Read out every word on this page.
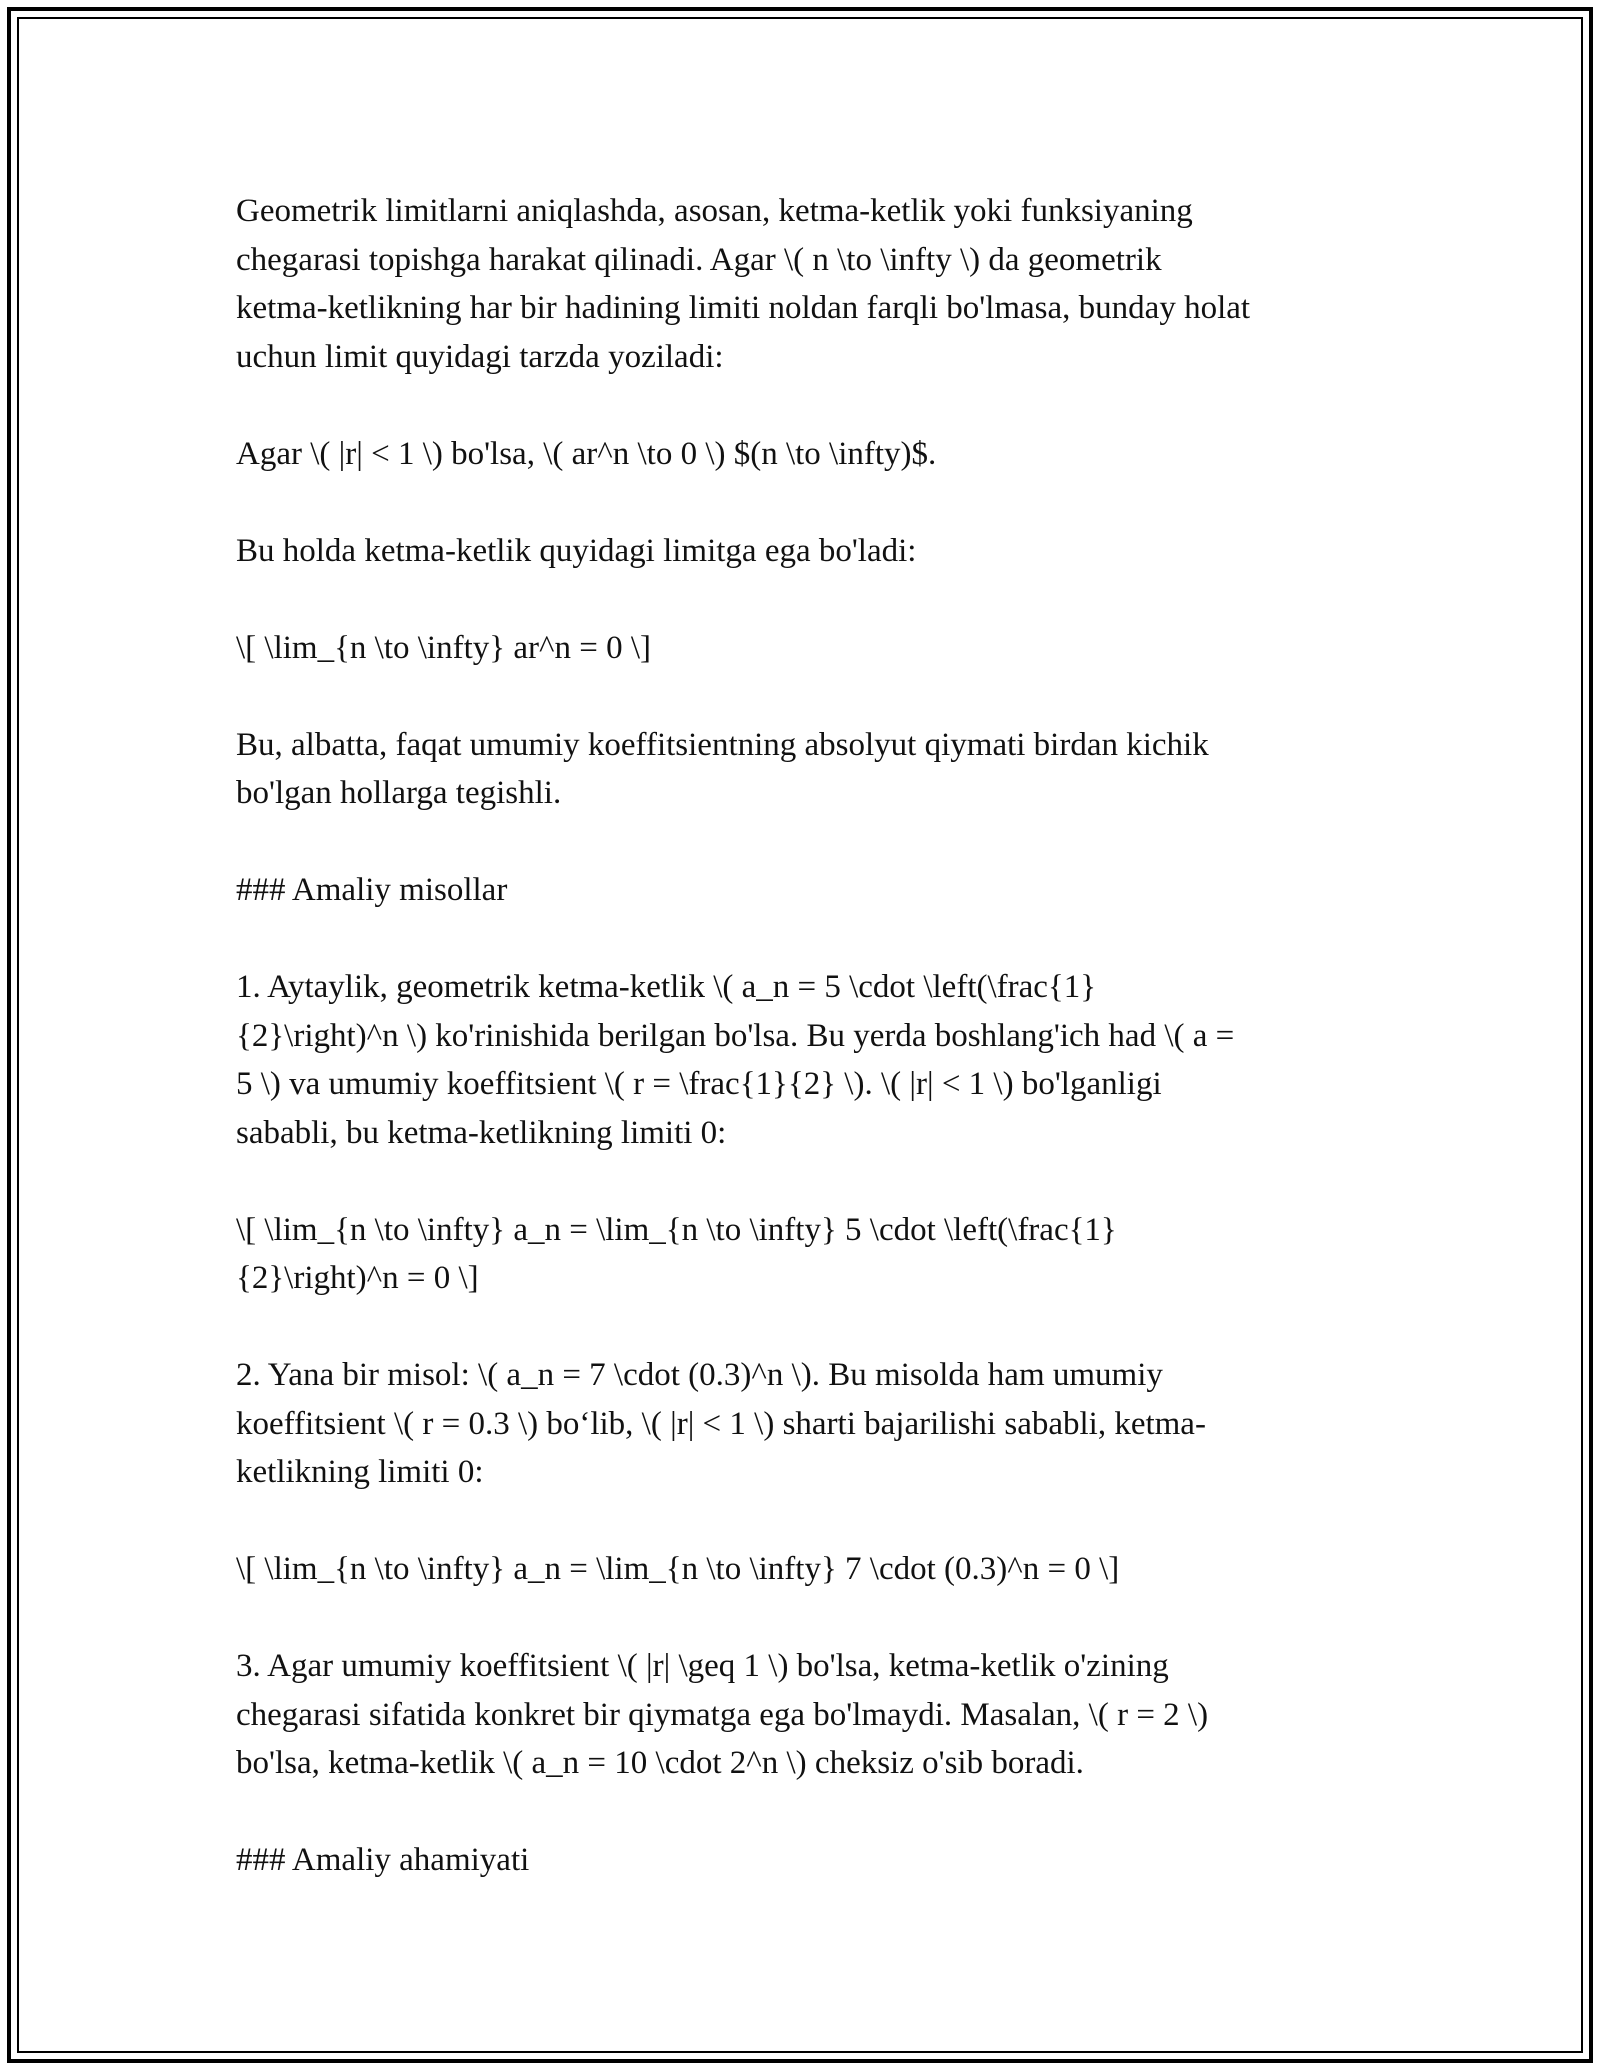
Geometrik limitlarni aniqlashda, asosan, ketma-ketlik yoki funksiyaning
chegarasi topishga harakat qilinadi. Agar \( n \to \infty \) da geometrik
ketma-ketlikning har bir hadining limiti noldan farqli bo'lmasa, bunday holat
uchun limit quyidagi tarzda yoziladi:

Agar \( |r| < 1 \) bo'lsa, \( ar^n \to 0 \) $(n \to \infty)$.

Bu holda ketma-ketlik quyidagi limitga ega bo'ladi:

\[ \lim_{n \to \infty} ar^n = 0 \]

Bu, albatta, faqat umumiy koeffitsientning absolyut qiymati birdan kichik
bo'lgan hollarga tegishli.

### Amaliy misollar

1. Aytaylik, geometrik ketma-ketlik \( a_n = 5 \cdot \left(\frac{1}
{2}\right)^n \) ko'rinishida berilgan bo'lsa. Bu yerda boshlang'ich had \( a =
5 \) va umumiy koeffitsient \( r = \frac{1}{2} \). \( |r| < 1 \) bo'lganligi
sababli, bu ketma-ketlikning limiti 0:

\[ \lim_{n \to \infty} a_n = \lim_{n \to \infty} 5 \cdot \left(\frac{1}
{2}\right)^n = 0 \]

2. Yana bir misol: \( a_n = 7 \cdot (0.3)^n \). Bu misolda ham umumiy
koeffitsient \( r = 0.3 \) bo‘lib, \( |r| < 1 \) sharti bajarilishi sababli, ketma-
ketlikning limiti 0:

\[ \lim_{n \to \infty} a_n = \lim_{n \to \infty} 7 \cdot (0.3)^n = 0 \]

3. Agar umumiy koeffitsient \( |r| \geq 1 \) bo'lsa, ketma-ketlik o'zining
chegarasi sifatida konkret bir qiymatga ega bo'lmaydi. Masalan, \( r = 2 \)
bo'lsa, ketma-ketlik \( a_n = 10 \cdot 2^n \) cheksiz o'sib boradi.

### Amaliy ahamiyati
